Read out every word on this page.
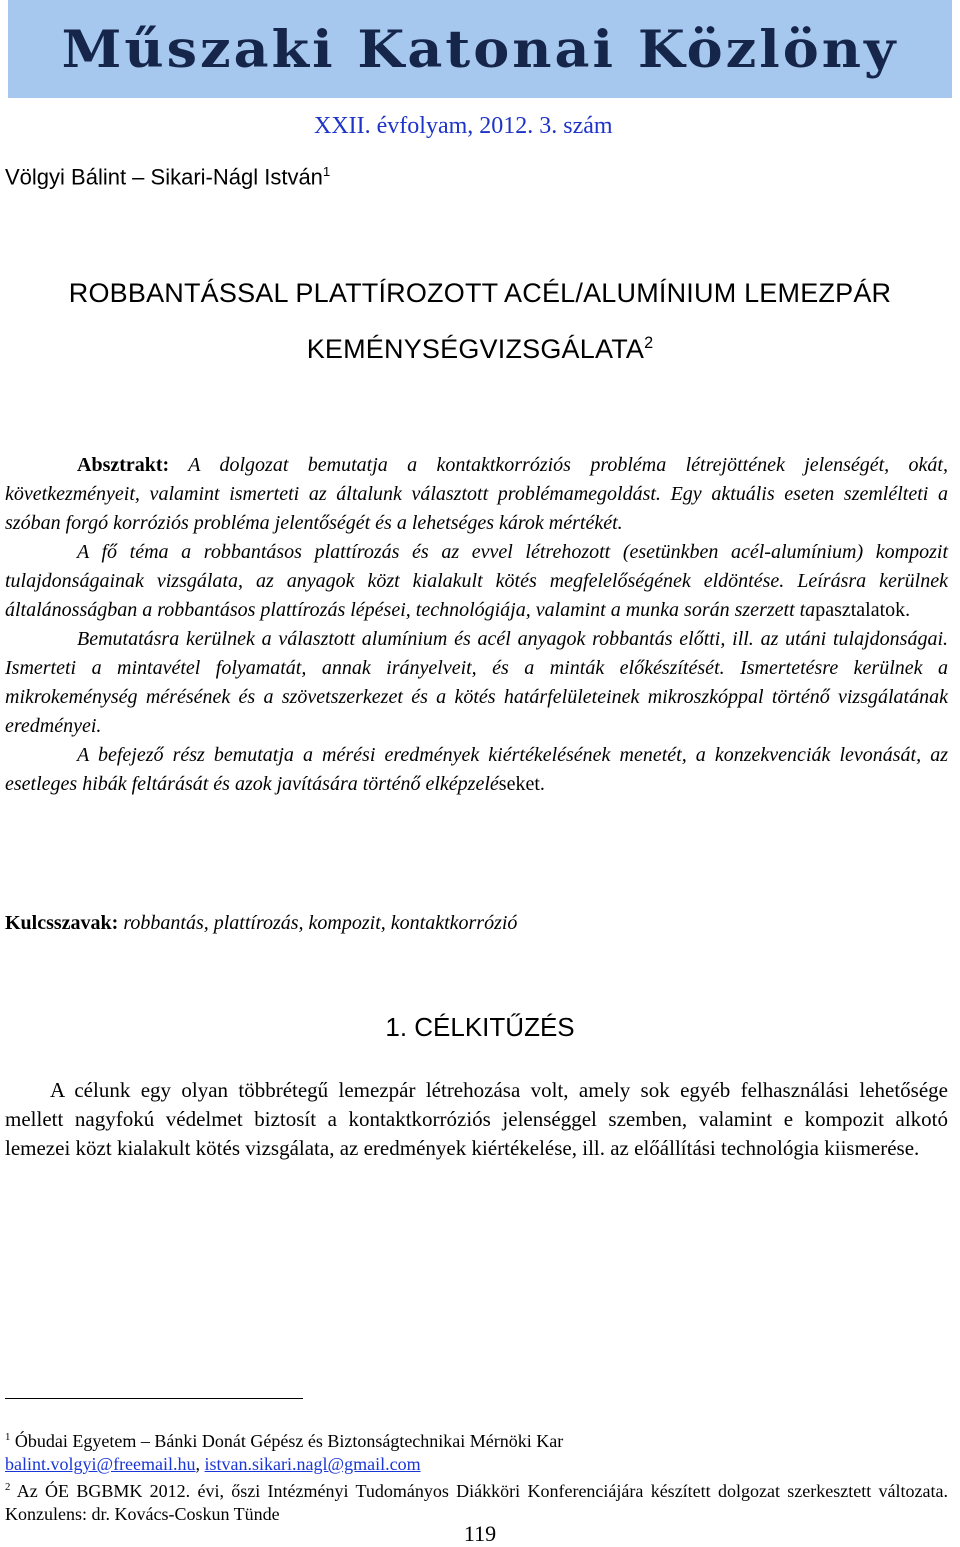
Műszaki Katonai Közlöny
XXII. évfolyam, 2012. 3. szám
Völgyi Bálint – Sikari-Nágl István$^1$
ROBBANTÁSSAL PLATTÍROZOTT ACÉL/ALUMÍNIUM LEMEZPÁR
KEMÉNYSÉGVIZSGÁLATA$^2$

Absztrakt: A dolgozat bemutatja a kontaktkorróziós probléma létrejöttének jelenségét, okát, következményeit, valamint ismerteti az általunk választott problémamegoldást. Egy aktuális eseten szemlélteti a szóban forgó korróziós probléma jelentőségét és a lehetséges károk mértékét.

A fő téma a robbantásos plattírozás és az evvel létrehozott (esetünkben acél-alumínium) kompozit tulajdonságainak vizsgálata, az anyagok közt kialakult kötés megfelelőségének eldöntése. Leírásra kerülnek általánosságban a robbantásos plattírozás lépései, technológiája, valamint a munka során szerzett tapasztalatok.

Bemutatásra kerülnek a választott alumínium és acél anyagok robbantás előtti, ill. az utáni tulajdonságai. Ismerteti a mintavétel folyamatát, annak irányelveit, és a minták előkészítését. Ismertetésre kerülnek a mikrokeménység mérésének és a szövetszerkezet és a kötés határfelületeinek mikroszkóppal történő vizsgálatának eredményei.

A befejező rész bemutatja a mérési eredmények kiértékelésének menetét, a konzekvenciák levonását, az esetleges hibák feltárását és azok javítására történő elképzeléseket.

Kulcsszavak: robbantás, plattírozás, kompozit, kontaktkorrózió
1. CÉLKITŰZÉS

A célunk egy olyan többrétegű lemezpár létrehozása volt, amely sok egyéb felhasználási lehetősége mellett nagyfokú védelmet biztosít a kontaktkorróziós jelenséggel szemben, valamint e kompozit alkotó lemezei közt kialakult kötés vizsgálata, az eredmények kiértékelése, ill. az előállítási technológia kiismerése.

$^1$ Óbudai Egyetem – Bánki Donát Gépész és Biztonságtechnikai Mérnöki Kar

balint.volgyi@freemail.hu, istvan.sikari.nagl@gmail.com

$^2$ Az ÓE BGBMK 2012. évi, őszi Intézményi Tudományos Diákköri Konferenciájára készített dolgozat szerkesztett változata. Konzulens: dr. Kovács-Coskun Tünde

119
